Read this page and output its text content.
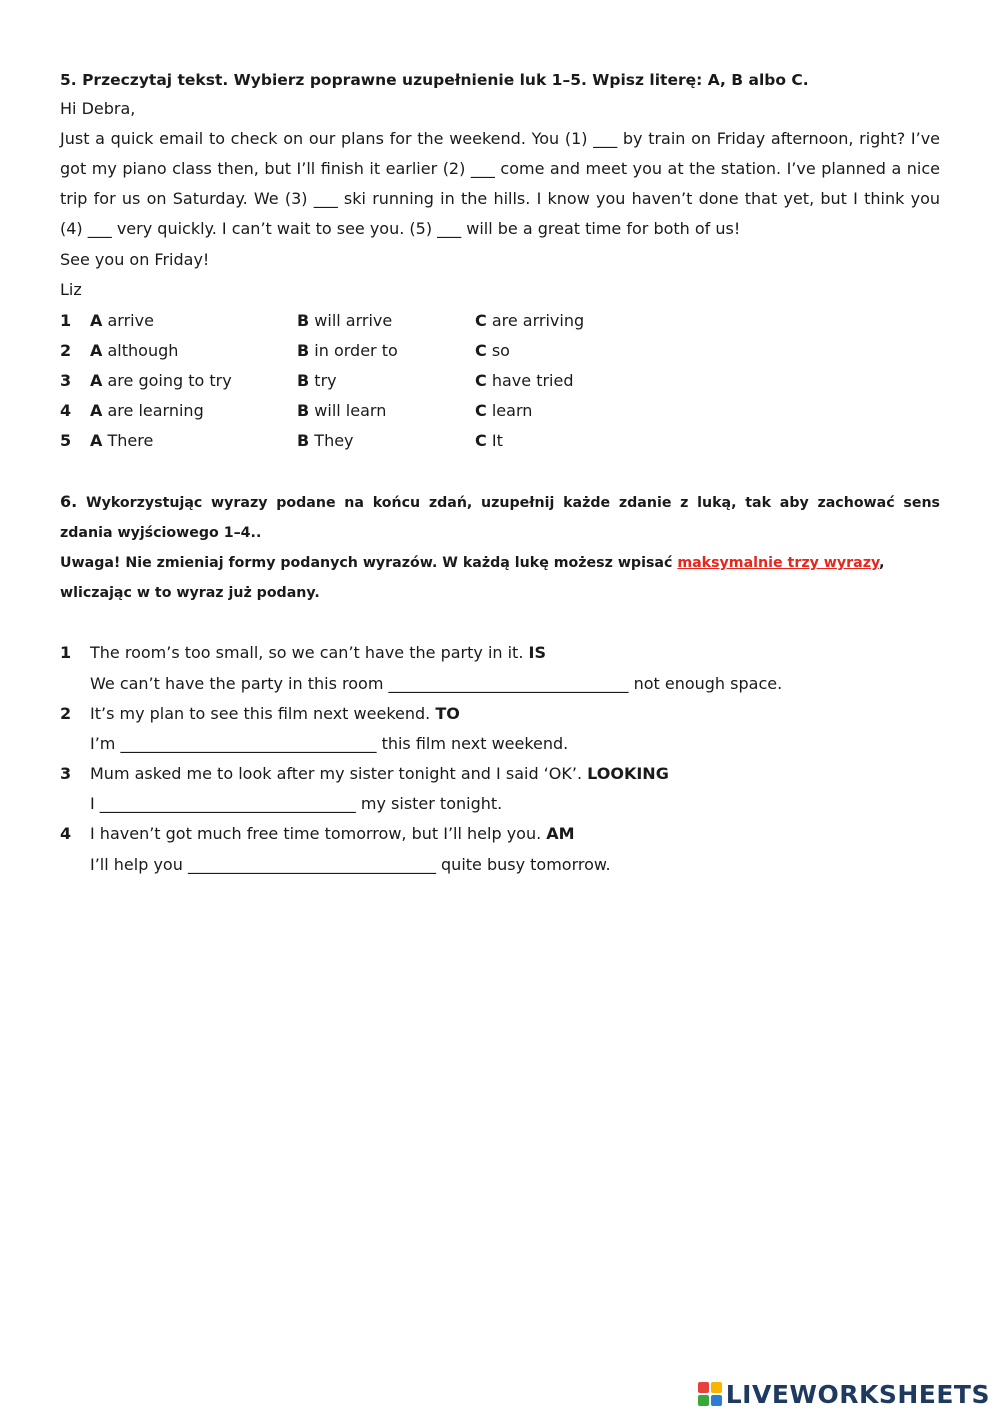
5. Przeczytaj tekst. Wybierz poprawne uzupełnienie luk 1–5. Wpisz literę: A, B albo C.
Hi Debra,
Just a quick email to check on our plans for the weekend. You (1) ___ by train on Friday afternoon, right? I’ve got my piano class then, but I’ll finish it earlier (2) ___ come and meet you at the station. I’ve planned a nice trip for us on Saturday. We (3) ___ ski running in the hills. I know you haven’t done that yet, but I think you (4) ___ very quickly. I can’t wait to see you. (5) ___ will be a great time for both of us!
See you on Friday!
Liz
1 A arrive	B will arrive	C are arriving
2 A although	B in order to	C so
3 A are going to try	B try	C have tried
4 A are learning	B will learn	C learn
5 A There	B They	C It
6. Wykorzystując wyrazy podane na końcu zdań, uzupełnij każde zdanie z luką, tak aby zachować sens zdania wyjściowego 1–4..
Uwaga! Nie zmieniaj formy podanych wyrazów. W każdą lukę możesz wpisać maksymalnie trzy wyrazy, wliczając w to wyraz już podany.
1 The room’s too small, so we can’t have the party in it. IS
We can’t have the party in this room ______________________________ not enough space.
2 It’s my plan to see this film next weekend. TO
I’m ________________________________ this film next weekend.
3 Mum asked me to look after my sister tonight and I said ‘OK’. LOOKING
I ________________________________ my sister tonight.
4 I haven’t got much free time tomorrow, but I’ll help you. AM
I’ll help you _______________________________ quite busy tomorrow.
LIVEWORKSHEETS
